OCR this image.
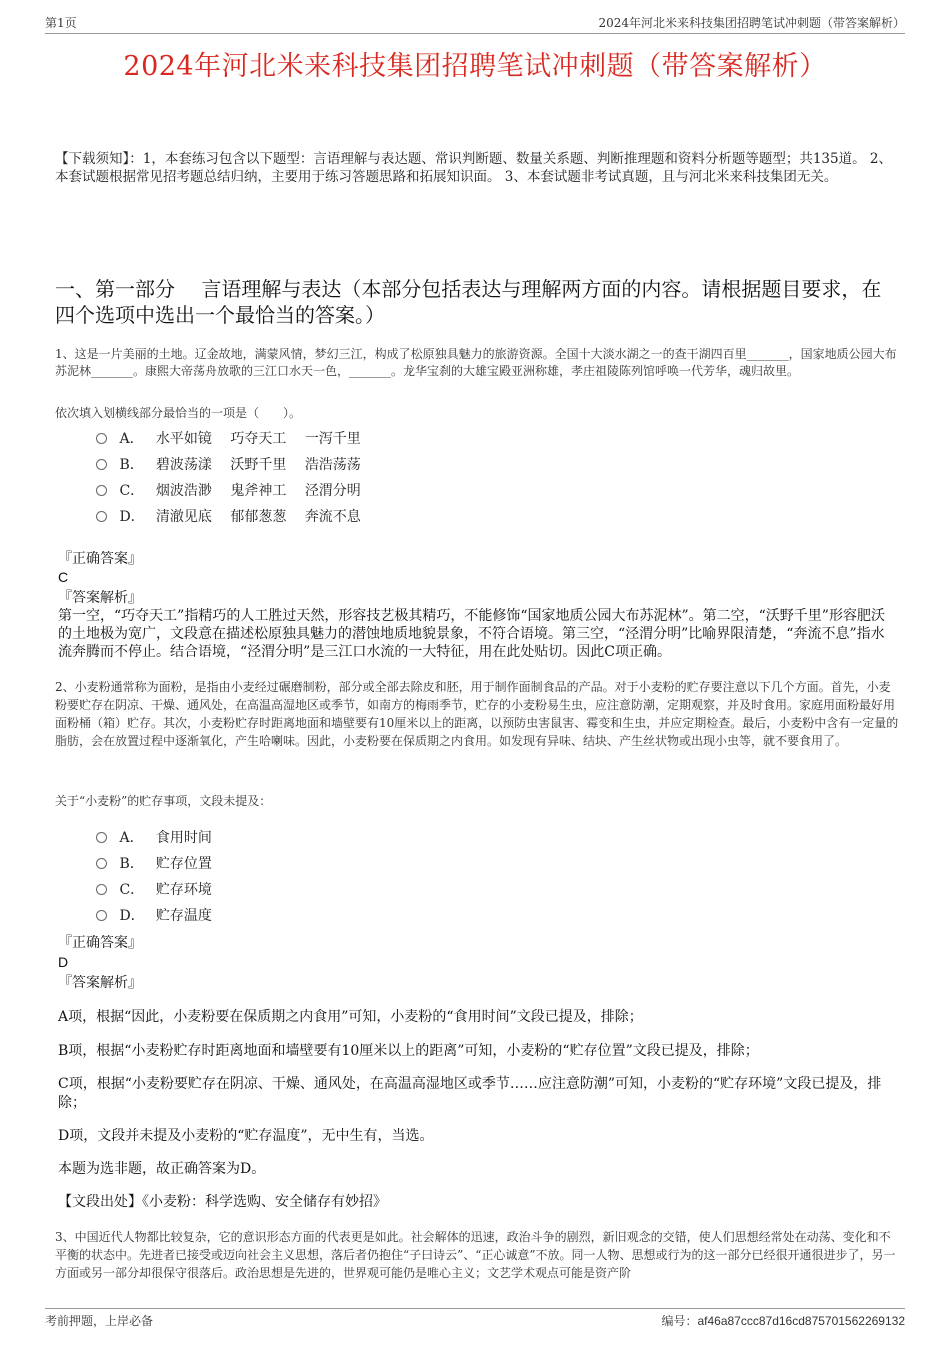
第1页	2024年河北米来科技集团招聘笔试冲刺题（带答案解析）
2024年河北米来科技集团招聘笔试冲刺题（带答案解析）
【下载须知】：1，本套练习包含以下题型：言语理解与表达题、常识判断题、数量关系题、判断推理题和资料分析题等题型；共135道。 2、本套试题根据常见招考题总结归纳，主要用于练习答题思路和拓展知识面。 3、本套试题非考试真题，且与河北米来科技集团无关。
一、第一部分　 言语理解与表达（本部分包括表达与理解两方面的内容。请根据题目要求，在四个选项中选出一个最恰当的答案。）
1、这是一片美丽的土地。辽金故地，满蒙风情，梦幻三江，构成了松原独具魅力的旅游资源。全国十大淡水湖之一的查干湖四百里_______，国家地质公园大布苏泥林_______。康熙大帝荡舟放歌的三江口水天一色，_______。龙华宝刹的大雄宝殿亚洲称雄，孝庄祖陵陈列馆呼唤一代芳华，魂归故里。
依次填入划横线部分最恰当的一项是（　　）。
A． 水平如镜 巧夺天工 一泻千里
B． 碧波荡漾 沃野千里 浩浩荡荡
C． 烟波浩渺 鬼斧神工 泾渭分明
D． 清澈见底 郁郁葱葱 奔流不息
『正确答案』
C
『答案解析』
第一空，“巧夺天工”指精巧的人工胜过天然，形容技艺极其精巧，不能修饰“国家地质公园大布苏泥林”。第二空，“沃野千里”形容肥沃的土地极为宽广，文段意在描述松原独具魅力的潜蚀地质地貌景象，不符合语境。第三空，“泾渭分明”比喻界限清楚，“奔流不息”指水流奔腾而不停止。结合语境，“泾渭分明”是三江口水流的一大特征，用在此处贴切。因此C项正确。
2、小麦粉通常称为面粉，是指由小麦经过碾磨制粉，部分或全部去除皮和胚，用于制作面制食品的产品。对于小麦粉的贮存要注意以下几个方面。首先，小麦粉要贮存在阴凉、干燥、通风处，在高温高湿地区或季节，如南方的梅雨季节，贮存的小麦粉易生虫，应注意防潮，定期观察，并及时食用。家庭用面粉最好用面粉桶（箱）贮存。其次，小麦粉贮存时距离地面和墙壁要有10厘米以上的距离，以预防虫害鼠害、霉变和生虫，并应定期检查。最后，小麦粉中含有一定量的脂肪，会在放置过程中逐渐氧化，产生哈喇味。因此，小麦粉要在保质期之内食用。如发现有异味、结块、产生丝状物或出现小虫等，就不要食用了。
关于“小麦粉”的贮存事项，文段未提及：
A． 食用时间
B． 贮存位置
C． 贮存环境
D． 贮存温度
『正确答案』
D
『答案解析』
A项，根据“因此，小麦粉要在保质期之内食用”可知，小麦粉的“食用时间”文段已提及，排除；
B项，根据“小麦粉贮存时距离地面和墙壁要有10厘米以上的距离”可知，小麦粉的“贮存位置”文段已提及，排除；
C项，根据“小麦粉要贮存在阴凉、干燥、通风处，在高温高湿地区或季节……应注意防潮”可知，小麦粉的“贮存环境”文段已提及，排除；
D项，文段并未提及小麦粉的“贮存温度”，无中生有，当选。
本题为选非题，故正确答案为D。
【文段出处】《小麦粉：科学选购、安全储存有妙招》
3、中国近代人物都比较复杂，它的意识形态方面的代表更是如此。社会解体的迅速，政治斗争的剧烈，新旧观念的交错，使人们思想经常处在动荡、变化和不平衡的状态中。先进者已接受或迈向社会主义思想，落后者仍抱住“子曰诗云”、“正心诚意”不放。同一人物、思想或行为的这一部分已经很开通很进步了，另一方面或另一部分却很保守很落后。政治思想是先进的，世界观可能仍是唯心主义；文艺学术观点可能是资产阶
考前押题，上岸必备	编号：af46a87ccc87d16cd875701562269132
